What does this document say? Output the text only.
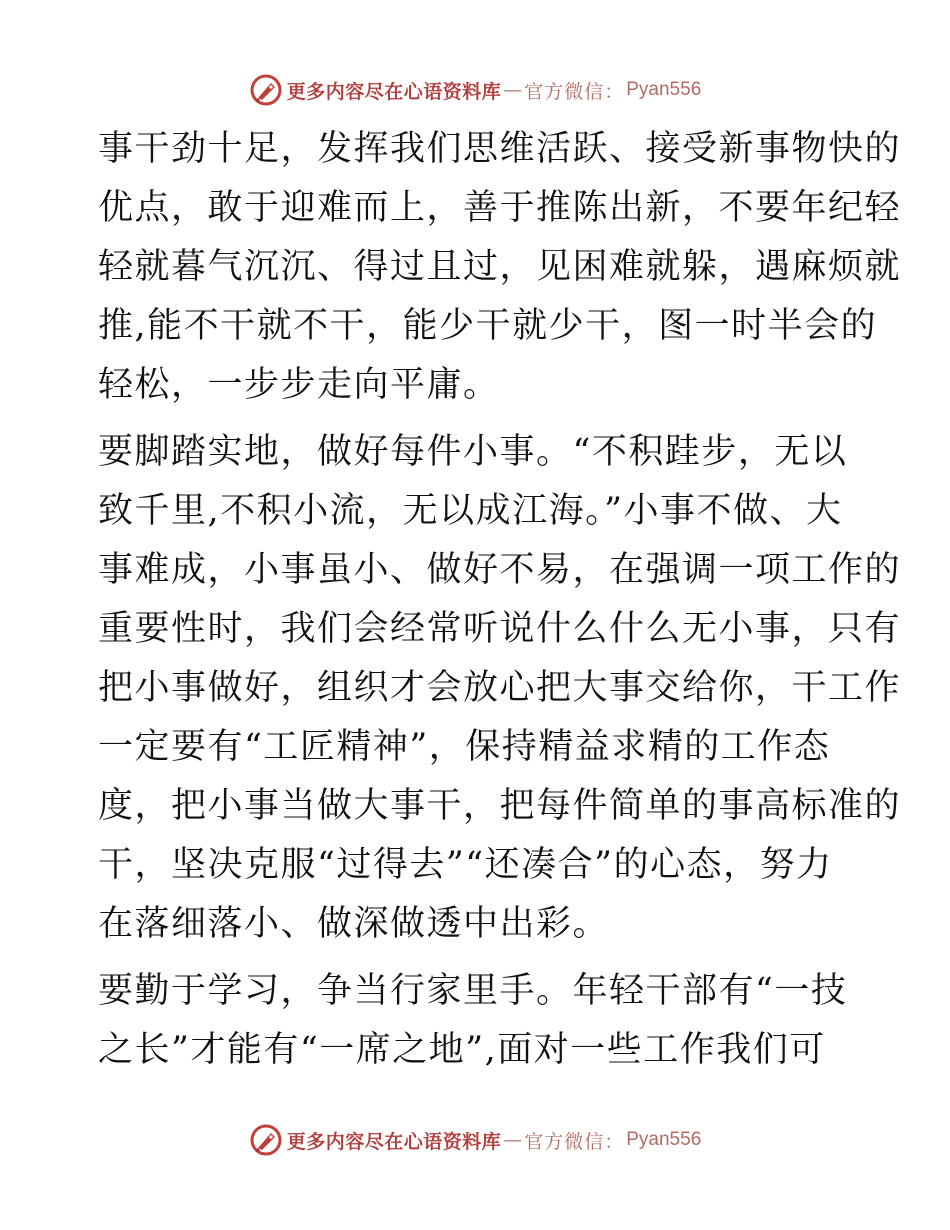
更多内容尽在心语资料库 — 官方微信： Pyan556
事干劲十足，发挥我们思维活跃、接受新事物快的
优点，敢于迎难而上，善于推陈出新，不要年纪轻
轻就暮气沉沉、得过且过，见困难就躲，遇麻烦就
推,能不干就不干，能少干就少干，图一时半会的
轻松，一步步走向平庸。
要脚踏实地，做好每件小事。“不积跬步，无以
致千里,不积小流，无以成江海。”小事不做、大
事难成，小事虽小、做好不易，在强调一项工作的
重要性时，我们会经常听说什么什么无小事，只有
把小事做好，组织才会放心把大事交给你，干工作
一定要有“工匠精神”，保持精益求精的工作态
度，把小事当做大事干，把每件简单的事高标准的
干，坚决克服“过得去”“还凑合”的心态，努力
在落细落小、做深做透中出彩。
要勤于学习，争当行家里手。年轻干部有“一技
之长”才能有“一席之地”,面对一些工作我们可
更多内容尽在心语资料库 — 官方微信： Pyan556
